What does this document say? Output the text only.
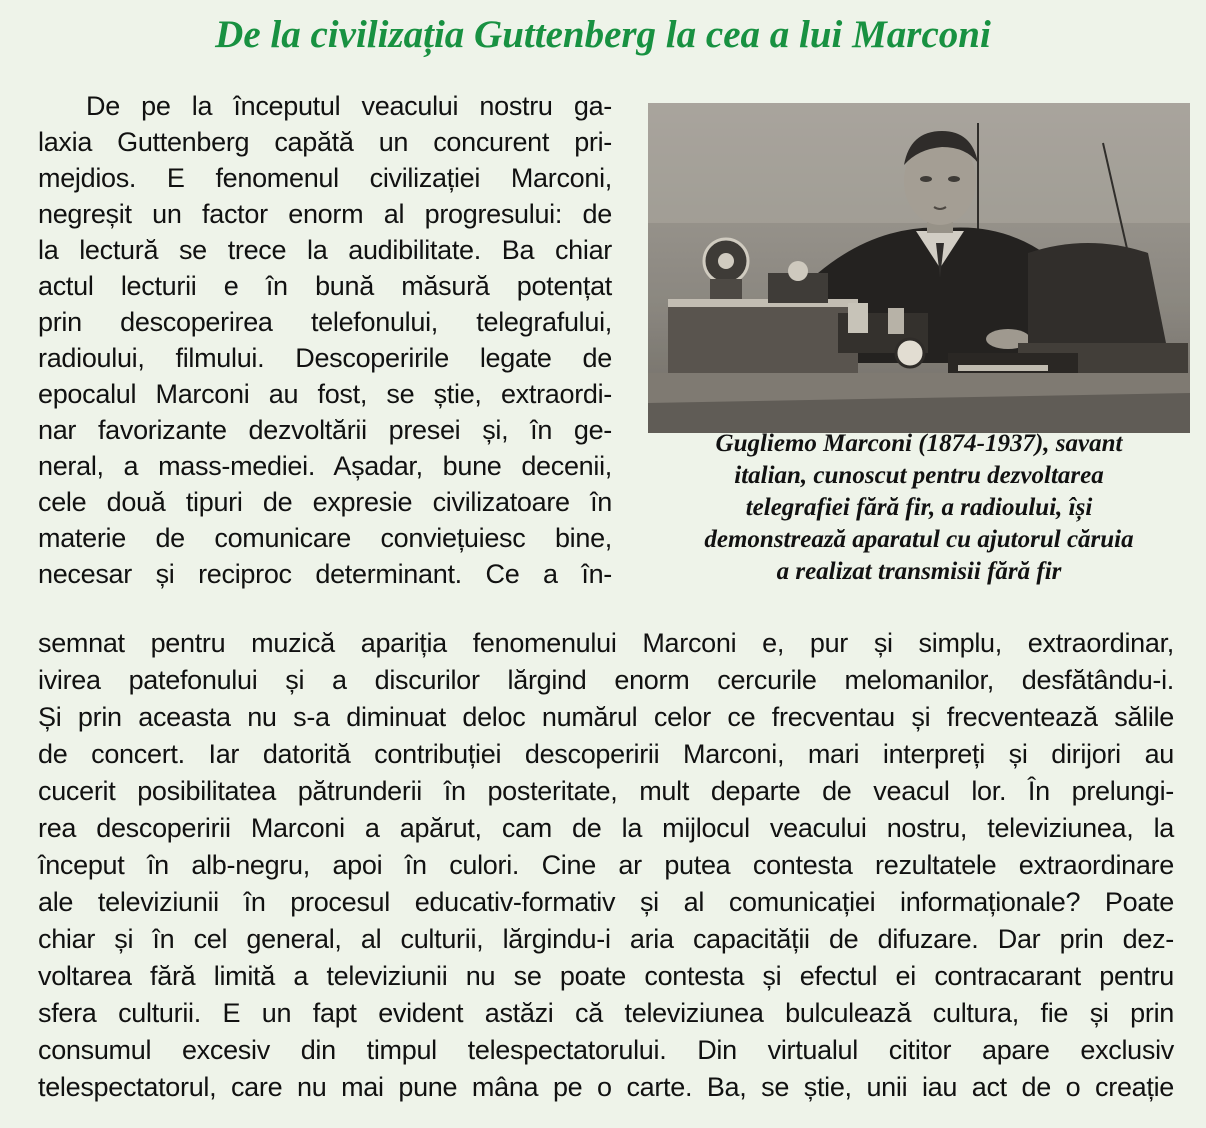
De la civilizația Guttenberg la cea a lui Marconi
De pe la începutul veacului nostru ga-
laxia Guttenberg capătă un concurent pri-
mejdios. E fenomenul civilizației Marconi,
negreșit un factor enorm al progresului: de
la lectură se trece la audibilitate. Ba chiar
actul lecturii e în bună măsură potențat
prin descoperirea telefonului, telegrafului,
radioului, filmului. Descoperirile legate de
epocalul Marconi au fost, se știe, extraordi-
nar favorizante dezvoltării presei și, în ge-
neral, a mass-mediei. Așadar, bune decenii,
cele două tipuri de expresie civilizatoare în
materie de comunicare conviețuiesc bine,
necesar și reciproc determinant. Ce a în-
Gugliemo Marconi (1874-1937), savant
italian, cunoscut pentru dezvoltarea
telegrafiei fără fir, a radioului, își
demonstrează aparatul cu ajutorul căruia
a realizat transmisii fără fir
semnat pentru muzică apariția fenomenului Marconi e, pur și simplu, extraordinar,
ivirea patefonului și a discurilor lărgind enorm cercurile melomanilor, desfătându-i.
Și prin aceasta nu s-a diminuat deloc numărul celor ce frecventau și frecventează sălile
de concert. Iar datorită contribuției descoperirii Marconi, mari interpreți și dirijori au
cucerit posibilitatea pătrunderii în posteritate, mult departe de veacul lor. În prelungi-
rea descoperirii Marconi a apărut, cam de la mijlocul veacului nostru, televiziunea, la
început în alb-negru, apoi în culori. Cine ar putea contesta rezultatele extraordinare
ale televiziunii în procesul educativ-formativ și al comunicației informaționale? Poate
chiar și în cel general, al culturii, lărgindu-i aria capacității de difuzare. Dar prin dez-
voltarea fără limită a televiziunii nu se poate contesta și efectul ei contracarant pentru
sfera culturii. E un fapt evident astăzi că televiziunea bulculează cultura, fie și prin
consumul excesiv din timpul telespectatorului. Din virtualul cititor apare exclusiv
telespectatorul, care nu mai pune mâna pe o carte. Ba, se știe, unii iau act de o creație
